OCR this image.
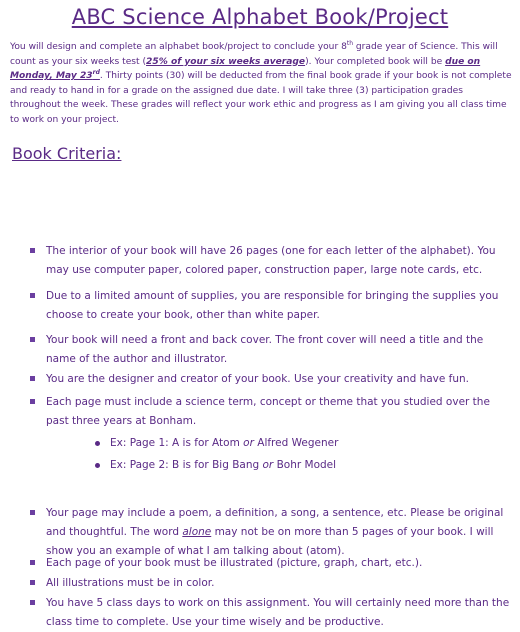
ABC Science Alphabet Book/Project
You will design and complete an alphabet book/project to conclude your 8th grade year of Science. This will count as your six weeks test (25% of your six weeks average). Your completed book will be due on Monday, May 23rd. Thirty points (30) will be deducted from the final book grade if your book is not complete and ready to hand in for a grade on the assigned due date. I will take three (3) participation grades throughout the week. These grades will reflect your work ethic and progress as I am giving you all class time to work on your project.
Book Criteria:
The interior of your book will have 26 pages (one for each letter of the alphabet). You may use computer paper, colored paper, construction paper, large note cards, etc.
Due to a limited amount of supplies, you are responsible for bringing the supplies you choose to create your book, other than white paper.
Your book will need a front and back cover. The front cover will need a title and the name of the author and illustrator.
You are the designer and creator of your book. Use your creativity and have fun.
Each page must include a science term, concept or theme that you studied over the past three years at Bonham.
Ex: Page 1: A is for Atom or Alfred Wegener
Ex: Page 2: B is for Big Bang or Bohr Model
Your page may include a poem, a definition, a song, a sentence, etc. Please be original and thoughtful. The word alone may not be on more than 5 pages of your book. I will show you an example of what I am talking about (atom).
Each page of your book must be illustrated (picture, graph, chart, etc.).
All illustrations must be in color.
You have 5 class days to work on this assignment. You will certainly need more than the class time to complete. Use your time wisely and be productive.
